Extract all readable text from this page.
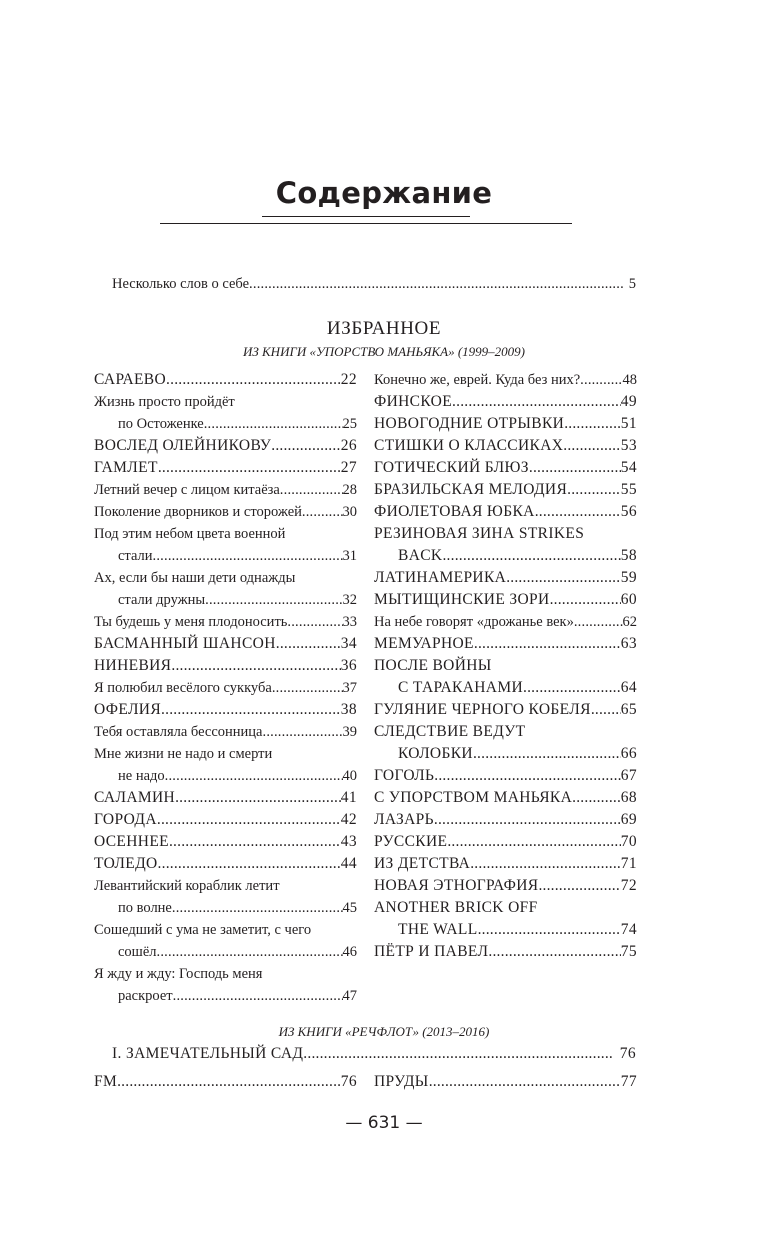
Содержание
Несколько слов о себе .....	5
ИЗБРАННОЕ
ИЗ КНИГИ «УПОРСТВО МАНЬЯКА» (1999–2009)
САРАЕВО .....	22
Жизнь просто пройдёт
по Остоженке .....	25
ВОСЛЕД ОЛЕЙНИКОВУ .....	26
ГАМЛЕТ .....	27
Летний вечер с лицом китаёза .....	28
Поколение дворников и сторожей .....	30
Под этим небом цвета военной
стали .....	31
Ах, если бы наши дети однажды
стали дружны .....	32
Ты будешь у меня плодоносить .....	33
БАСМАННЫЙ ШАНСОН .....	34
НИНЕВИЯ .....	36
Я полюбил весёлого суккуба .....	37
ОФЕЛИЯ .....	38
Тебя оставляла бессонница .....	39
Мне жизни не надо и смерти
не надо .....	40
САЛАМИН .....	41
ГОРОДА .....	42
ОСЕННЕЕ .....	43
ТОЛЕДО .....	44
Левантийский кораблик летит
по волне .....	45
Сошедший с ума не заметит, с чего
сошёл .....	46
Я жду и жду: Господь меня
раскроет .....	47
Конечно же, еврей. Куда без них? .....	48
ФИНСКОЕ .....	49
НОВОГОДНИЕ ОТРЫВКИ .....	51
СТИШКИ О КЛАССИКАХ .....	53
ГОТИЧЕСКИЙ БЛЮЗ .....	54
БРАЗИЛЬСКАЯ МЕЛОДИЯ .....	55
ФИОЛЕТОВАЯ ЮБКА .....	56
РЕЗИНОВАЯ ЗИНА STRIKES
BACK .....	58
ЛАТИНАМЕРИКА .....	59
МЫТИЩИНСКИЕ ЗОРИ .....	60
На небе говорят «дрожанье век» .....	62
МЕМУАРНОЕ .....	63
ПОСЛЕ ВОЙНЫ
С ТАРАКАНАМИ .....	64
ГУЛЯНИЕ ЧЕРНОГО КОБЕЛЯ ..... 65
СЛЕДСТВИЕ ВЕДУТ
КОЛОБКИ .....	66
ГОГОЛЬ .....	67
С УПОРСТВОМ МАНЬЯКА .....	68
ЛАЗАРЬ .....	69
РУССКИЕ .....	70
ИЗ ДЕТСТВА .....	71
НОВАЯ ЭТНОГРАФИЯ .....	72
ANOTHER BRICK OFF
THE WALL .....	74
ПЁТР И ПАВЕЛ .....	75
ИЗ КНИГИ «РЕЧФЛОТ» (2013–2016)
I. ЗАМЕЧАТЕЛЬНЫЙ САД .....	76
FM .....	76 ПРУДЫ .....	77
— 631 —
